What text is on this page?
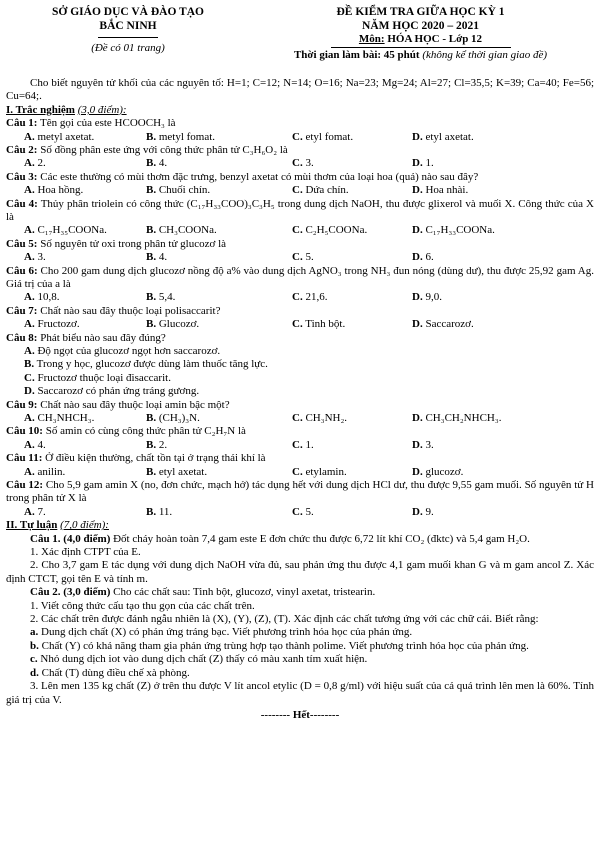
SỞ GIÁO DỤC VÀ ĐÀO TẠO
BẮC NINH
(Đề có 01 trang)
ĐỀ KIỂM TRA GIỮA HỌC KỲ 1
NĂM HỌC 2020 – 2021
Môn: HÓA HỌC - Lớp 12
Thời gian làm bài: 45 phút (không kể thời gian giao đề)

Cho biết nguyên tử khối của các nguyên tố: H=1; C=12; N=14; O=16; Na=23; Mg=24; Al=27; Cl=35,5; K=39; Ca=40; Fe=56; Cu=64;.

I. Trắc nghiệm (3,0 điểm):

Câu 1: Tên gọi của este HCOOCH₃ là

A. metyl axetat.	B. metyl fomat.	C. etyl fomat.	D. etyl axetat.

Câu 2: Số đồng phân este ứng với công thức phân tử C₃H₆O₂ là

A. 2.	B. 4.	C. 3.	D. 1.

Câu 3: Các este thường có mùi thơm đặc trưng, benzyl axetat có mùi thơm của loại hoa (quả) nào sau đây?

A. Hoa hồng.	B. Chuối chín.	C. Dứa chín.	D. Hoa nhài.

Câu 4: Thủy phân triolein có công thức (C₁₇H₃₃COO)₃C₃H₅ trong dung dịch NaOH, thu được glixerol và muối X. Công thức của X là

A. C₁₇H₃₅COONa.	B. CH₃COONa.	C. C₂H₅COONa.	D. C₁₇H₃₃COONa.

Câu 5: Số nguyên tử oxi trong phân tử glucozơ là

A. 3.	B. 4.	C. 5.	D. 6.

Câu 6: Cho 200 gam dung dịch glucozơ nồng độ a% vào dung dịch AgNO₃ trong NH₃ đun nóng (dùng dư), thu được 25,92 gam Ag. Giá trị của a là

A. 10,8.	B. 5,4.	C. 21,6.	D. 9,0.

Câu 7: Chất nào sau đây thuộc loại polisaccarit?

A. Fructozơ.	B. Glucozơ.	C. Tinh bột.	D. Saccarozơ.

Câu 8: Phát biểu nào sau đây đúng?

A. Độ ngọt của glucozơ ngọt hơn saccarozơ.

B. Trong y học, glucozơ được dùng làm thuốc tăng lực.

C. Fructozơ thuộc loại đisaccarit.

D. Saccarozơ có phản ứng tráng gương.

Câu 9: Chất nào sau đây thuộc loại amin bậc một?

A. CH₃NHCH₃.	B. (CH₃)₃N.	C. CH₃NH₂.	D. CH₃CH₂NHCH₃.

Câu 10: Số amin có cùng công thức phân tử C₂H₇N là

A. 4.	B. 2.	C. 1.	D. 3.

Câu 11: Ở điều kiện thường, chất tồn tại ở trạng thái khí là

A. anilin.	B. etyl axetat.	C. etylamin.	D. glucozơ.

Câu 12: Cho 5,9 gam amin X (no, đơn chức, mạch hở) tác dụng hết với dung dịch HCl dư, thu được 9,55 gam muối. Số nguyên tử H trong phân tử X là

A. 7.	B. 11.	C. 5.	D. 9.

II. Tự luận (7,0 điểm):

Câu 1. (4,0 điểm) Đốt cháy hoàn toàn 7,4 gam este E đơn chức thu được 6,72 lít khí CO₂ (đktc) và 5,4 gam H₂O.

1. Xác định CTPT của E.

2. Cho 3,7 gam E tác dụng với dung dịch NaOH vừa đủ, sau phản ứng thu được 4,1 gam muối khan G và m gam ancol Z. Xác định CTCT, gọi tên E và tính m.

Câu 2. (3,0 điểm) Cho các chất sau: Tinh bột, glucozơ, vinyl axetat, tristearin.

1. Viết công thức cấu tạo thu gọn của các chất trên.

2. Các chất trên được đánh ngẫu nhiên là (X), (Y), (Z), (T). Xác định các chất tương ứng với các chữ cái. Biết rằng:

a. Dung dịch chất (X) có phản ứng tráng bạc. Viết phương trình hóa học của phản ứng.

b. Chất (Y) có khả năng tham gia phản ứng trùng hợp tạo thành polime. Viết phương trình hóa học của phản ứng.

c. Nhỏ dung dịch iot vào dung dịch chất (Z) thấy có màu xanh tím xuất hiện.

d. Chất (T) dùng điều chế xà phòng.

3. Lên men 135 kg chất (Z) ở trên thu được V lít ancol etylic (D = 0,8 g/ml) với hiệu suất của cả quá trình lên men là 60%. Tính giá trị của V.

-------- Hết--------
